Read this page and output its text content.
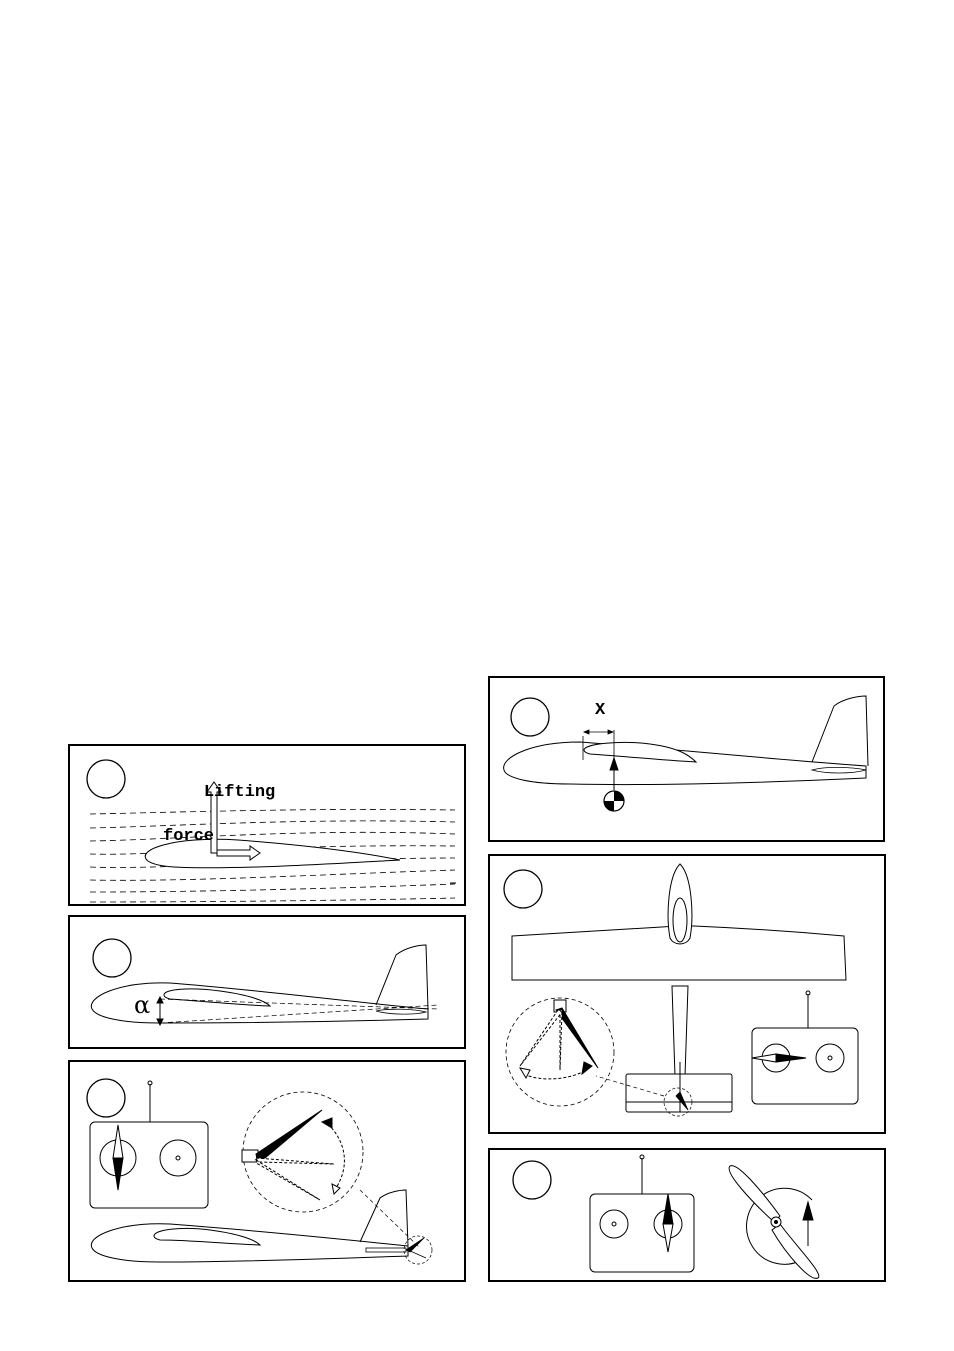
Lifting

force

α
X
